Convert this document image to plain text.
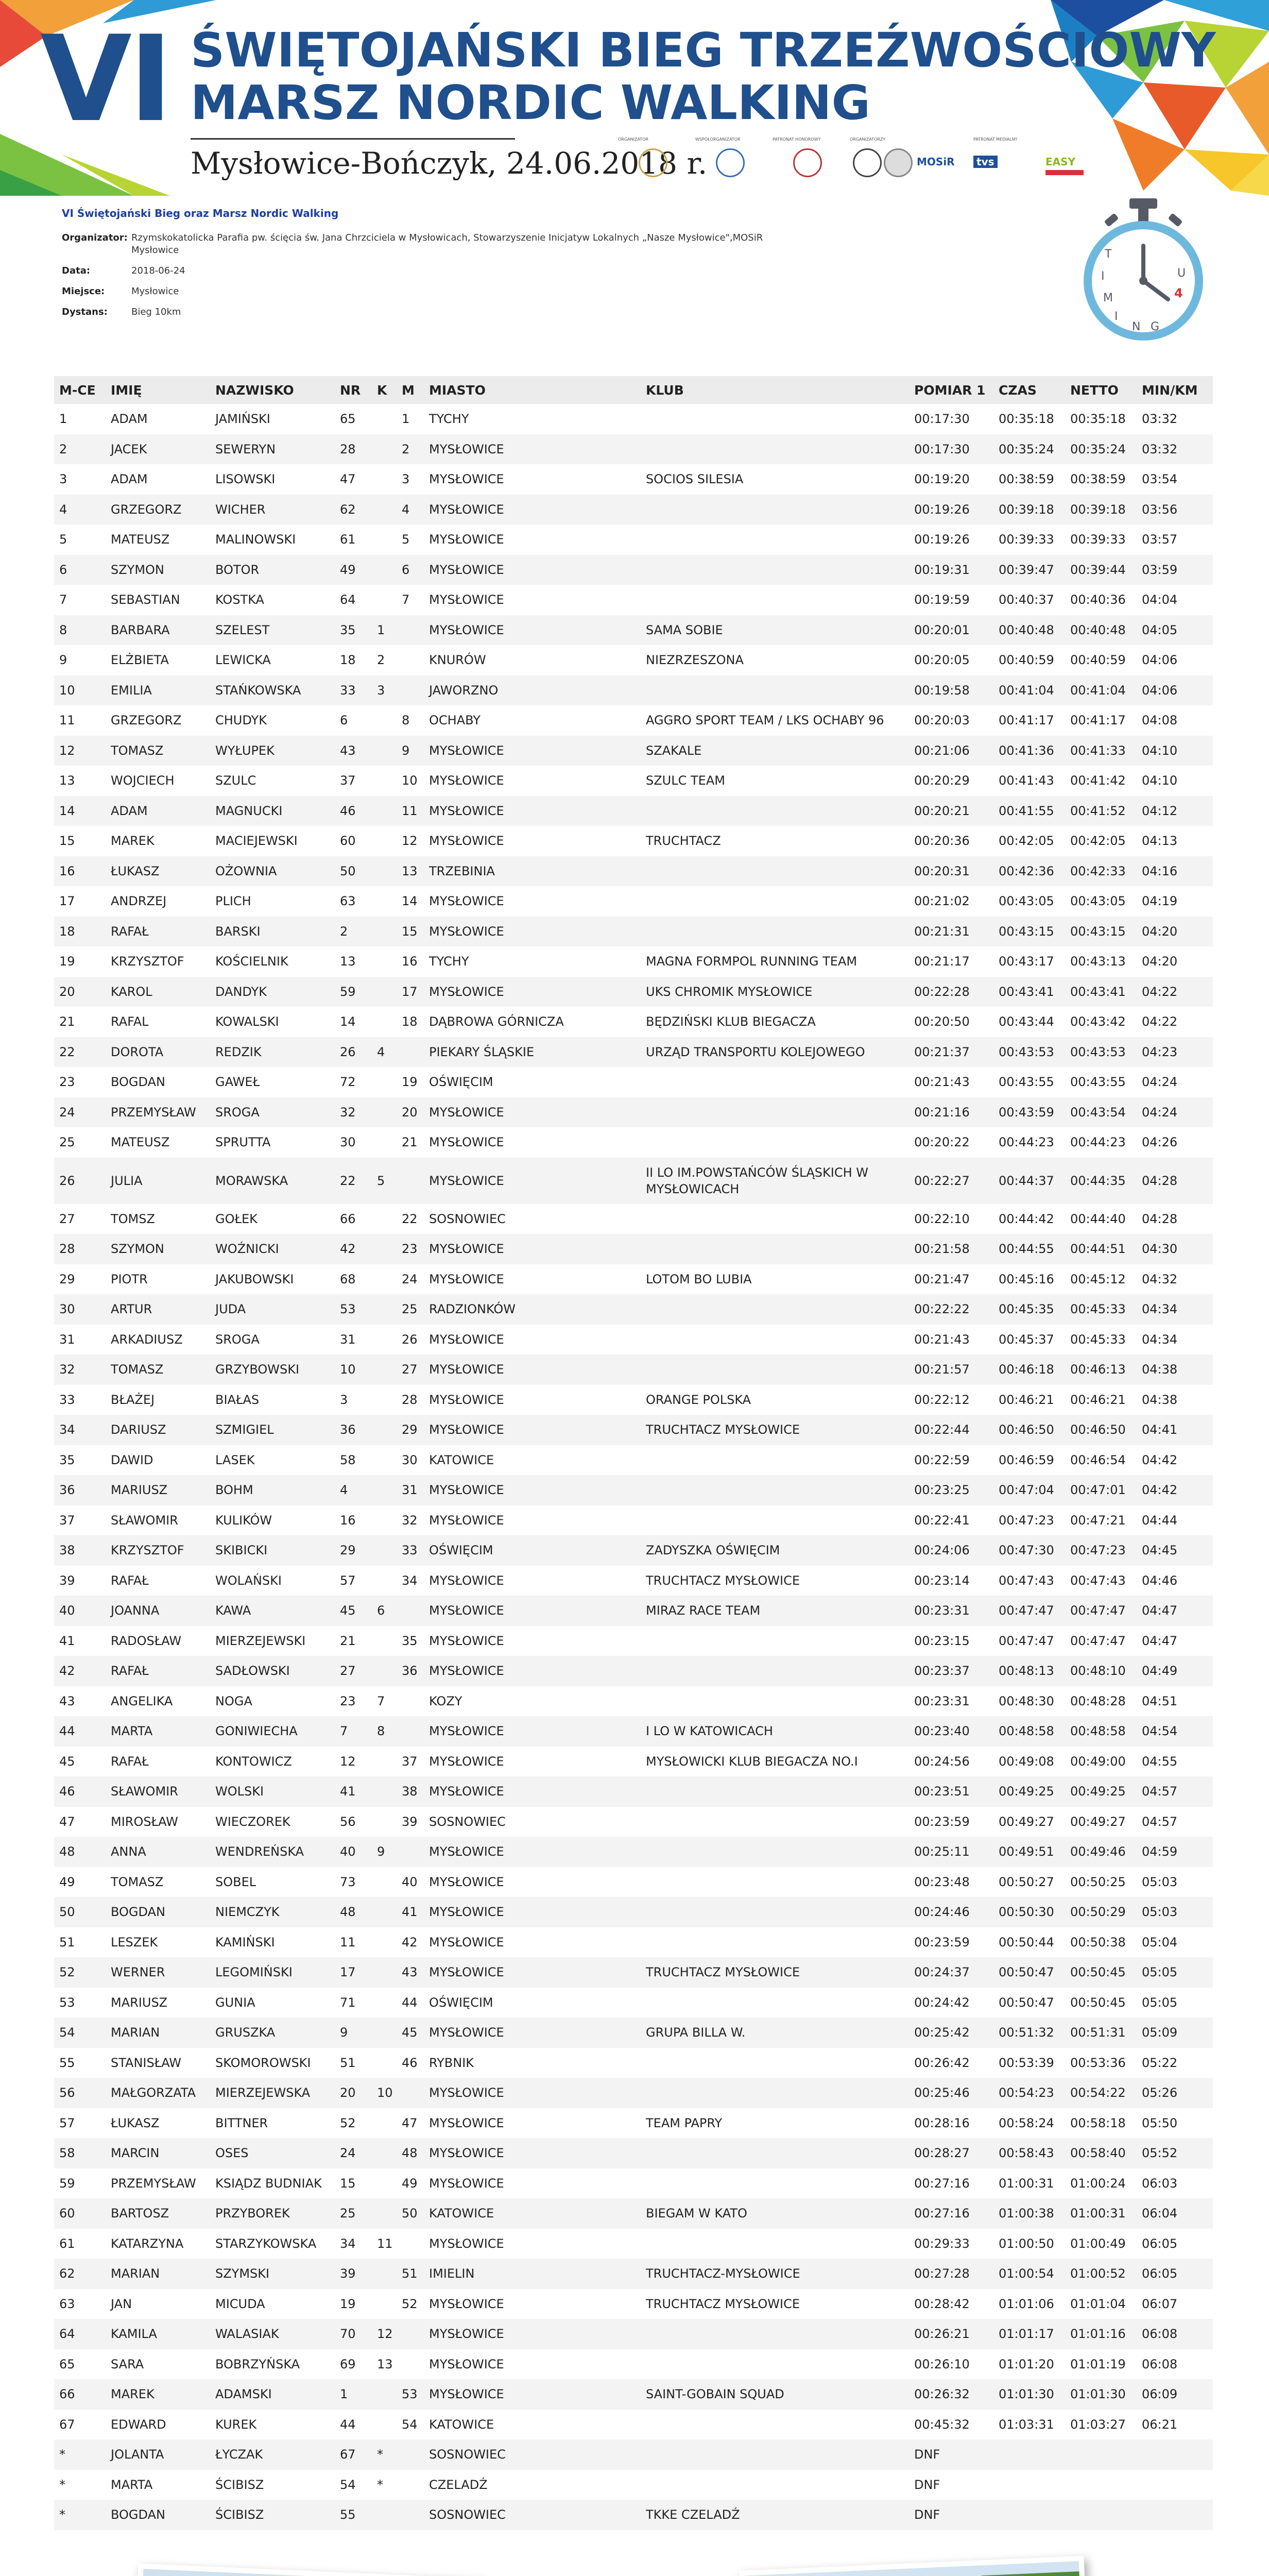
VI ŚWIĘTOJAŃSKI BIEG TRZEŹWOŚCIOWY
MARSZ NORDIC WALKING
Mysłowice-Bończyk, 24.06.2018 r.
ORGANIZATOR	WSPÓŁORGANIZATOR	PATRONAT HONOROWY	ORGANIZATORZY
MOSiR
PATRONAT MEDIALNY
tvs	EASY
VI Świętojański Bieg oraz Marsz Nordic Walking
Organizator: Rzymskokatolicka Parafia pw. ścięcia św. Jana Chrzciciela w Mysłowicach, Stowarzyszenie Inicjatyw Lokalnych „Nasze Mysłowice",MOSiR Mysłowice
Data:	2018-06-24
Miejsce:	Mysłowice
Dystans:	Bieg 10km
T
I
M
I
N G
U
4
M-CE	IMIĘ	NAZWISKO	NR	K	M	MIASTO	KLUB	POMIAR 1	CZAS	NETTO	MIN/KM
1	ADAM	JAMIŃSKI	65		1	TYCHY		00:17:30	00:35:18	00:35:18	03:32
2	JACEK	SEWERYN	28		2	MYSŁOWICE		00:17:30	00:35:24	00:35:24	03:32
3	ADAM	LISOWSKI	47		3	MYSŁOWICE	SOCIOS SILESIA	00:19:20	00:38:59	00:38:59	03:54
4	GRZEGORZ	WICHER	62		4	MYSŁOWICE		00:19:26	00:39:18	00:39:18	03:56
5	MATEUSZ	MALINOWSKI	61		5	MYSŁOWICE		00:19:26	00:39:33	00:39:33	03:57
6	SZYMON	BOTOR	49		6	MYSŁOWICE		00:19:31	00:39:47	00:39:44	03:59
7	SEBASTIAN	KOSTKA	64		7	MYSŁOWICE		00:19:59	00:40:37	00:40:36	04:04
8	BARBARA	SZELEST	35	1		MYSŁOWICE	SAMA SOBIE	00:20:01	00:40:48	00:40:48	04:05
9	ELŻBIETA	LEWICKA	18	2		KNURÓW	NIEZRZESZONA	00:20:05	00:40:59	00:40:59	04:06
10	EMILIA	STAŃKOWSKA	33	3		JAWORZNO		00:19:58	00:41:04	00:41:04	04:06
11	GRZEGORZ	CHUDYK	6		8	OCHABY	AGGRO SPORT TEAM / LKS OCHABY 96	00:20:03	00:41:17	00:41:17	04:08
12	TOMASZ	WYŁUPEK	43		9	MYSŁOWICE	SZAKALE	00:21:06	00:41:36	00:41:33	04:10
13	WOJCIECH	SZULC	37		10	MYSŁOWICE	SZULC TEAM	00:20:29	00:41:43	00:41:42	04:10
14	ADAM	MAGNUCKI	46		11	MYSŁOWICE		00:20:21	00:41:55	00:41:52	04:12
15	MAREK	MACIEJEWSKI	60		12	MYSŁOWICE	TRUCHTACZ	00:20:36	00:42:05	00:42:05	04:13
16	ŁUKASZ	OŻOWNIA	50		13	TRZEBINIA		00:20:31	00:42:36	00:42:33	04:16
17	ANDRZEJ	PLICH	63		14	MYSŁOWICE		00:21:02	00:43:05	00:43:05	04:19
18	RAFAŁ	BARSKI	2		15	MYSŁOWICE		00:21:31	00:43:15	00:43:15	04:20
19	KRZYSZTOF	KOŚCIELNIK	13		16	TYCHY	MAGNA FORMPOL RUNNING TEAM	00:21:17	00:43:17	00:43:13	04:20
20	KAROL	DANDYK	59		17	MYSŁOWICE	UKS CHROMIK MYSŁOWICE	00:22:28	00:43:41	00:43:41	04:22
21	RAFAL	KOWALSKI	14		18	DĄBROWA GÓRNICZA	BĘDZIŃSKI KLUB BIEGACZA	00:20:50	00:43:44	00:43:42	04:22
22	DOROTA	REDZIK	26	4		PIEKARY ŚLĄSKIE	URZĄD TRANSPORTU KOLEJOWEGO	00:21:37	00:43:53	00:43:53	04:23
23	BOGDAN	GAWEŁ	72		19	OŚWIĘCIM		00:21:43	00:43:55	00:43:55	04:24
24	PRZEMYSŁAW	SROGA	32		20	MYSŁOWICE		00:21:16	00:43:59	00:43:54	04:24
25	MATEUSZ	SPRUTTA	30		21	MYSŁOWICE		00:20:22	00:44:23	00:44:23	04:26
26	JULIA	MORAWSKA	22	5		MYSŁOWICE	II LO IM.POWSTAŃCÓW ŚLĄSKICH W MYSŁOWICACH	00:22:27	00:44:37	00:44:35	04:28
27	TOMSZ	GOŁEK	66		22	SOSNOWIEC		00:22:10	00:44:42	00:44:40	04:28
28	SZYMON	WOŹNICKI	42		23	MYSŁOWICE		00:21:58	00:44:55	00:44:51	04:30
29	PIOTR	JAKUBOWSKI	68		24	MYSŁOWICE	LOTOM BO LUBIA	00:21:47	00:45:16	00:45:12	04:32
30	ARTUR	JUDA	53		25	RADZIONKÓW		00:22:22	00:45:35	00:45:33	04:34
31	ARKADIUSZ	SROGA	31		26	MYSŁOWICE		00:21:43	00:45:37	00:45:33	04:34
32	TOMASZ	GRZYBOWSKI	10		27	MYSŁOWICE		00:21:57	00:46:18	00:46:13	04:38
33	BŁAŻEJ	BIAŁAS	3		28	MYSŁOWICE	ORANGE POLSKA	00:22:12	00:46:21	00:46:21	04:38
34	DARIUSZ	SZMIGIEL	36		29	MYSŁOWICE	TRUCHTACZ MYSŁOWICE	00:22:44	00:46:50	00:46:50	04:41
35	DAWID	LASEK	58		30	KATOWICE		00:22:59	00:46:59	00:46:54	04:42
36	MARIUSZ	BOHM	4		31	MYSŁOWICE		00:23:25	00:47:04	00:47:01	04:42
37	SŁAWOMIR	KULIKÓW	16		32	MYSŁOWICE		00:22:41	00:47:23	00:47:21	04:44
38	KRZYSZTOF	SKIBICKI	29		33	OŚWIĘCIM	ZADYSZKA OŚWIĘCIM	00:24:06	00:47:30	00:47:23	04:45
39	RAFAŁ	WOLAŃSKI	57		34	MYSŁOWICE	TRUCHTACZ MYSŁOWICE	00:23:14	00:47:43	00:47:43	04:46
40	JOANNA	KAWA	45	6		MYSŁOWICE	MIRAZ RACE TEAM	00:23:31	00:47:47	00:47:47	04:47
41	RADOSŁAW	MIERZEJEWSKI	21		35	MYSŁOWICE		00:23:15	00:47:47	00:47:47	04:47
42	RAFAŁ	SADŁOWSKI	27		36	MYSŁOWICE		00:23:37	00:48:13	00:48:10	04:49
43	ANGELIKA	NOGA	23	7		KOZY		00:23:31	00:48:30	00:48:28	04:51
44	MARTA	GONIWIECHA	7	8		MYSŁOWICE	I LO W KATOWICACH	00:23:40	00:48:58	00:48:58	04:54
45	RAFAŁ	KONTOWICZ	12		37	MYSŁOWICE	MYSŁOWICKI KLUB BIEGACZA NO.I	00:24:56	00:49:08	00:49:00	04:55
46	SŁAWOMIR	WOLSKI	41		38	MYSŁOWICE		00:23:51	00:49:25	00:49:25	04:57
47	MIROSŁAW	WIECZOREK	56		39	SOSNOWIEC		00:23:59	00:49:27	00:49:27	04:57
48	ANNA	WENDREŃSKA	40	9		MYSŁOWICE		00:25:11	00:49:51	00:49:46	04:59
49	TOMASZ	SOBEL	73		40	MYSŁOWICE		00:23:48	00:50:27	00:50:25	05:03
50	BOGDAN	NIEMCZYK	48		41	MYSŁOWICE		00:24:46	00:50:30	00:50:29	05:03
51	LESZEK	KAMIŃSKI	11		42	MYSŁOWICE		00:23:59	00:50:44	00:50:38	05:04
52	WERNER	LEGOMIŃSKI	17		43	MYSŁOWICE	TRUCHTACZ MYSŁOWICE	00:24:37	00:50:47	00:50:45	05:05
53	MARIUSZ	GUNIA	71		44	OŚWIĘCIM		00:24:42	00:50:47	00:50:45	05:05
54	MARIAN	GRUSZKA	9		45	MYSŁOWICE	GRUPA BILLA W.	00:25:42	00:51:32	00:51:31	05:09
55	STANISŁAW	SKOMOROWSKI	51		46	RYBNIK		00:26:42	00:53:39	00:53:36	05:22
56	MAŁGORZATA	MIERZEJEWSKA	20	10		MYSŁOWICE		00:25:46	00:54:23	00:54:22	05:26
57	ŁUKASZ	BITTNER	52		47	MYSŁOWICE	TEAM PAPRY	00:28:16	00:58:24	00:58:18	05:50
58	MARCIN	OSES	24		48	MYSŁOWICE		00:28:27	00:58:43	00:58:40	05:52
59	PRZEMYSŁAW	KSIĄDZ BUDNIAK	15		49	MYSŁOWICE		00:27:16	01:00:31	01:00:24	06:03
60	BARTOSZ	PRZYBOREK	25		50	KATOWICE	BIEGAM W KATO	00:27:16	01:00:38	01:00:31	06:04
61	KATARZYNA	STARZYKOWSKA	34	11		MYSŁOWICE		00:29:33	01:00:50	01:00:49	06:05
62	MARIAN	SZYMSKI	39		51	IMIELIN	TRUCHTACZ-MYSŁOWICE	00:27:28	01:00:54	01:00:52	06:05
63	JAN	MICUDA	19		52	MYSŁOWICE	TRUCHTACZ MYSŁOWICE	00:28:42	01:01:06	01:01:04	06:07
64	KAMILA	WALASIAK	70	12		MYSŁOWICE		00:26:21	01:01:17	01:01:16	06:08
65	SARA	BOBRZYŃSKA	69	13		MYSŁOWICE		00:26:10	01:01:20	01:01:19	06:08
66	MAREK	ADAMSKI	1		53	MYSŁOWICE	SAINT-GOBAIN SQUAD	00:26:32	01:01:30	01:01:30	06:09
67	EDWARD	KUREK	44		54	KATOWICE		00:45:32	01:03:31	01:03:27	06:21
*	JOLANTA	ŁYCZAK	67	*		SOSNOWIEC		DNF			
*	MARTA	ŚCIBISZ	54	*		CZELADŹ		DNF			
*	BOGDAN	ŚCIBISZ	55			SOSNOWIEC	TKKE CZELADŹ	DNF			
